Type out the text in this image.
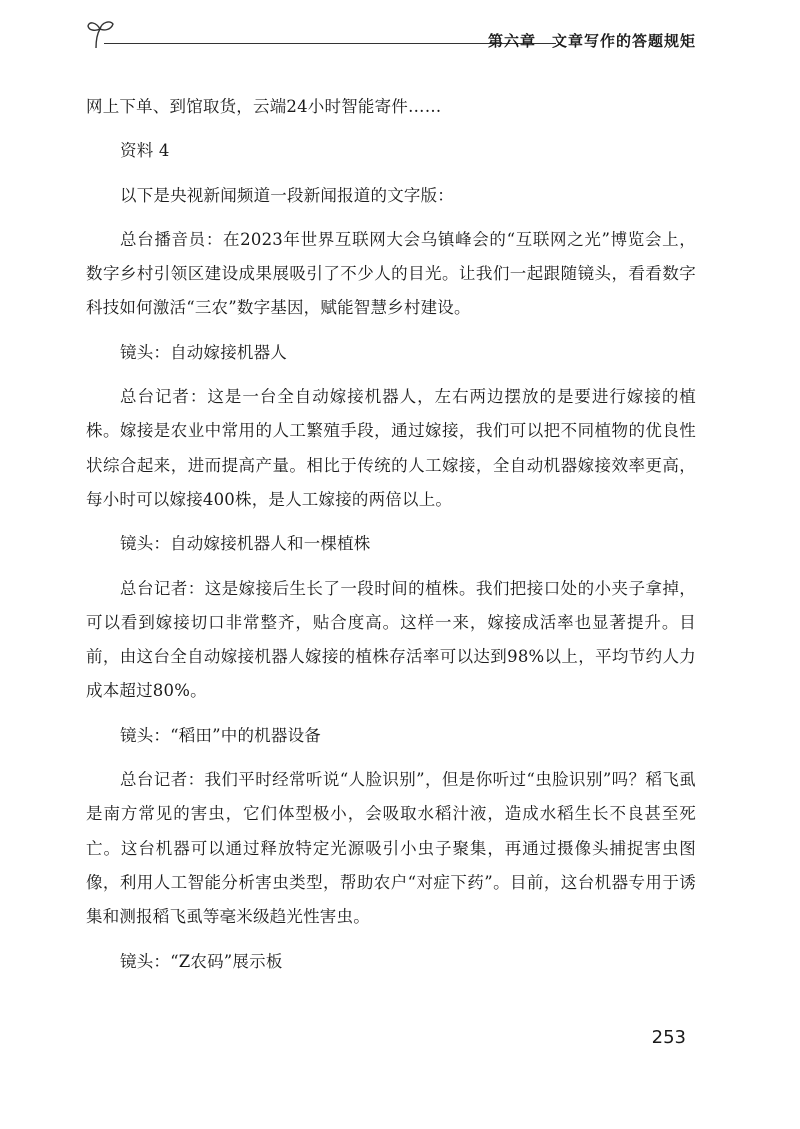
第六章 文章写作的答题规矩

网上下单、到馆取货，云端24小时智能寄件……

资料 4

以下是央视新闻频道一段新闻报道的文字版：

总台播音员：在2023年世界互联网大会乌镇峰会的“互联网之光”博览会上，数字乡村引领区建设成果展吸引了不少人的目光。让我们一起跟随镜头，看看数字科技如何激活“三农”数字基因，赋能智慧乡村建设。

镜头：自动嫁接机器人

总台记者：这是一台全自动嫁接机器人，左右两边摆放的是要进行嫁接的植株。嫁接是农业中常用的人工繁殖手段，通过嫁接，我们可以把不同植物的优良性状综合起来，进而提高产量。相比于传统的人工嫁接，全自动机器嫁接效率更高，每小时可以嫁接400株，是人工嫁接的两倍以上。

镜头：自动嫁接机器人和一棵植株

总台记者：这是嫁接后生长了一段时间的植株。我们把接口处的小夹子拿掉，可以看到嫁接切口非常整齐，贴合度高。这样一来，嫁接成活率也显著提升。目前，由这台全自动嫁接机器人嫁接的植株存活率可以达到98%以上，平均节约人力成本超过80%。

镜头：“稻田”中的机器设备

总台记者：我们平时经常听说“人脸识别”，但是你听过“虫脸识别”吗？稻飞虱是南方常见的害虫，它们体型极小，会吸取水稻汁液，造成水稻生长不良甚至死亡。这台机器可以通过释放特定光源吸引小虫子聚集，再通过摄像头捕捉害虫图像，利用人工智能分析害虫类型，帮助农户“对症下药”。目前，这台机器专用于诱集和测报稻飞虱等毫米级趋光性害虫。

镜头：“Z农码”展示板

253
